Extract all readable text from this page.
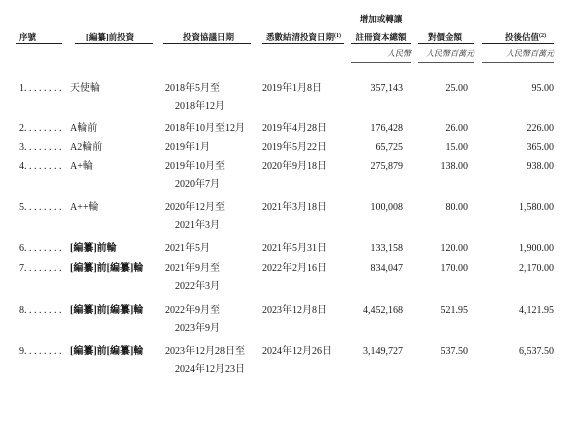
序號	[編纂]前投資	投資協議日期	悉數結清投資日期$^{(1)}$
增加或轉讓
註冊資本總額	對價金額	投後估值$^{(2)}$
人民幣	人民幣百萬元	人民幣百萬元
1. . . . . . . . 天使輪	2018年5月至
2018年12月
2019年1月8日	357,143	25.00	95.00
2. . . . . . . . A輪前	2018年10月至12月 2019年4月28日	176,428	26.00	226.00
3. . . . . . . . A2輪前	2019年1月	2019年5月22日	65,725	15.00	365.00
4. . . . . . . . A+輪	2019年10月至
2020年7月
2020年9月18日	275,879	138.00	938.00
5. . . . . . . . A++輪	2020年12月至
2021年3月
2021年3月18日	100,008	80.00	1,580.00
6. . . . . . . . [編纂]前輪	2021年5月	2021年5月31日	133,158	120.00	1,900.00
7. . . . . . . . [編纂]前[編纂]輪 2021年9月至
2022年3月
2022年2月16日	834,047	170.00	2,170.00
8. . . . . . . . [編纂]前[編纂]輪 2022年9月至
2023年9月
2023年12月8日	4,452,168	521.95	4,121.95
9. . . . . . . . [編纂]前[編纂]輪 2023年12月28日至
2024年12月23日
2024年12月26日	3,149,727	537.50	6,537.50
